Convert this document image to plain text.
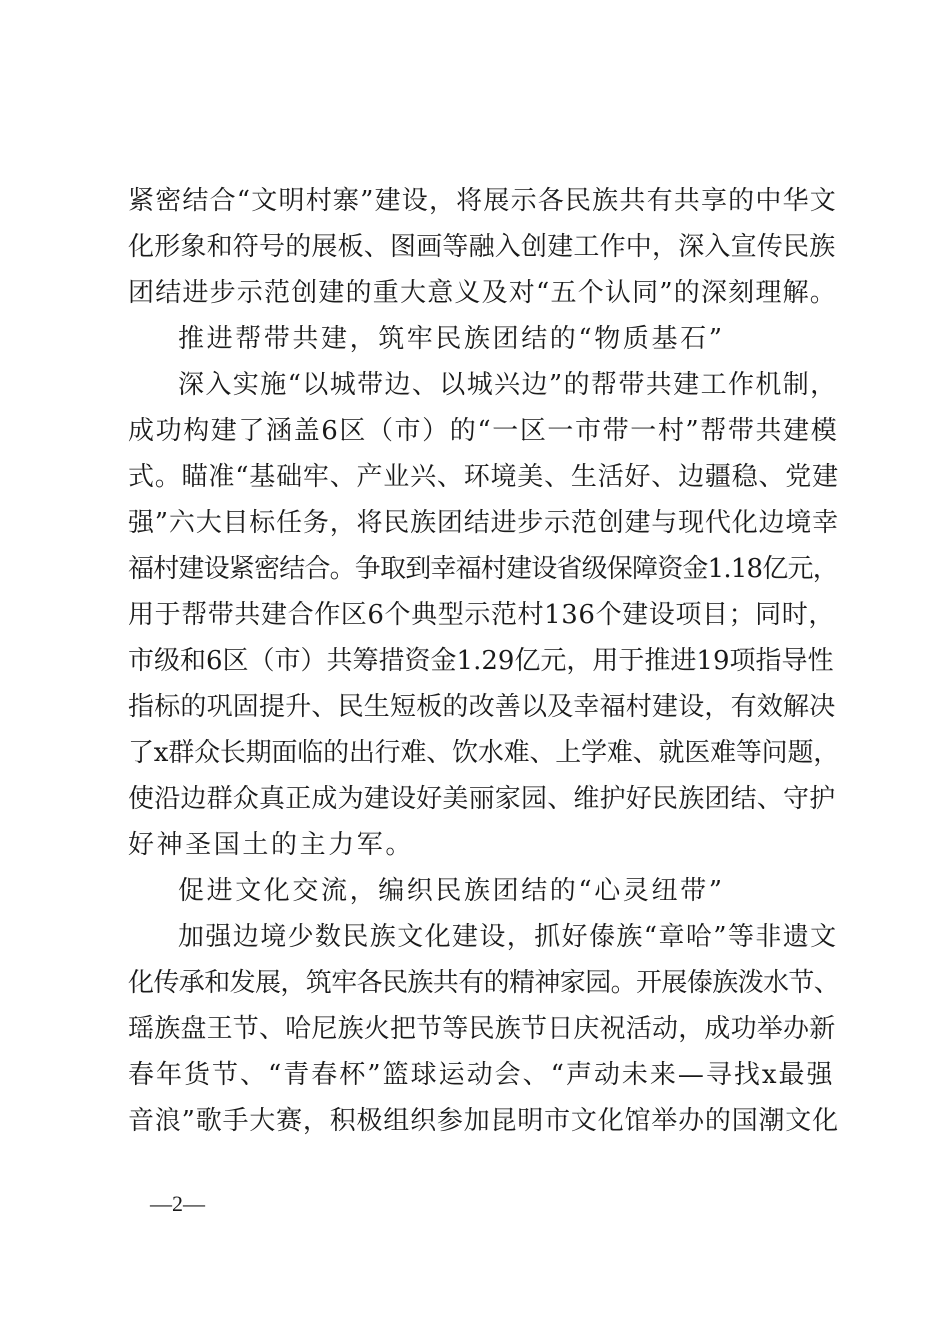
紧密结合“文明村寨”建设，将展示各民族共有共享的中华文
化形象和符号的展板、图画等融入创建工作中，深入宣传民族
团结进步示范创建的重大意义及对“五个认同”的深刻理解。
推进帮带共建，筑牢民族团结的“物质基石”
深入实施“以城带边、以城兴边”的帮带共建工作机制，
成功构建了涵盖6区（市）的“一区一市带一村”帮带共建模
式。瞄准“基础牢、产业兴、环境美、生活好、边疆稳、党建
强”六大目标任务，将民族团结进步示范创建与现代化边境幸
福村建设紧密结合。争取到幸福村建设省级保障资金1.18亿元，
用于帮带共建合作区6个典型示范村136个建设项目；同时，
市级和6区（市）共筹措资金1.29亿元，用于推进19项指导性
指标的巩固提升、民生短板的改善以及幸福村建设，有效解决
了x群众长期面临的出行难、饮水难、上学难、就医难等问题，
使沿边群众真正成为建设好美丽家园、维护好民族团结、守护
好神圣国土的主力军。
促进文化交流，编织民族团结的“心灵纽带”
加强边境少数民族文化建设，抓好傣族“章哈”等非遗文
化传承和发展，筑牢各民族共有的精神家园。开展傣族泼水节、
瑶族盘王节、哈尼族火把节等民族节日庆祝活动，成功举办新
春年货节、“青春杯”篮球运动会、“声动未来—寻找x最强
音浪”歌手大赛，积极组织参加昆明市文化馆举办的国潮文化
—2—
